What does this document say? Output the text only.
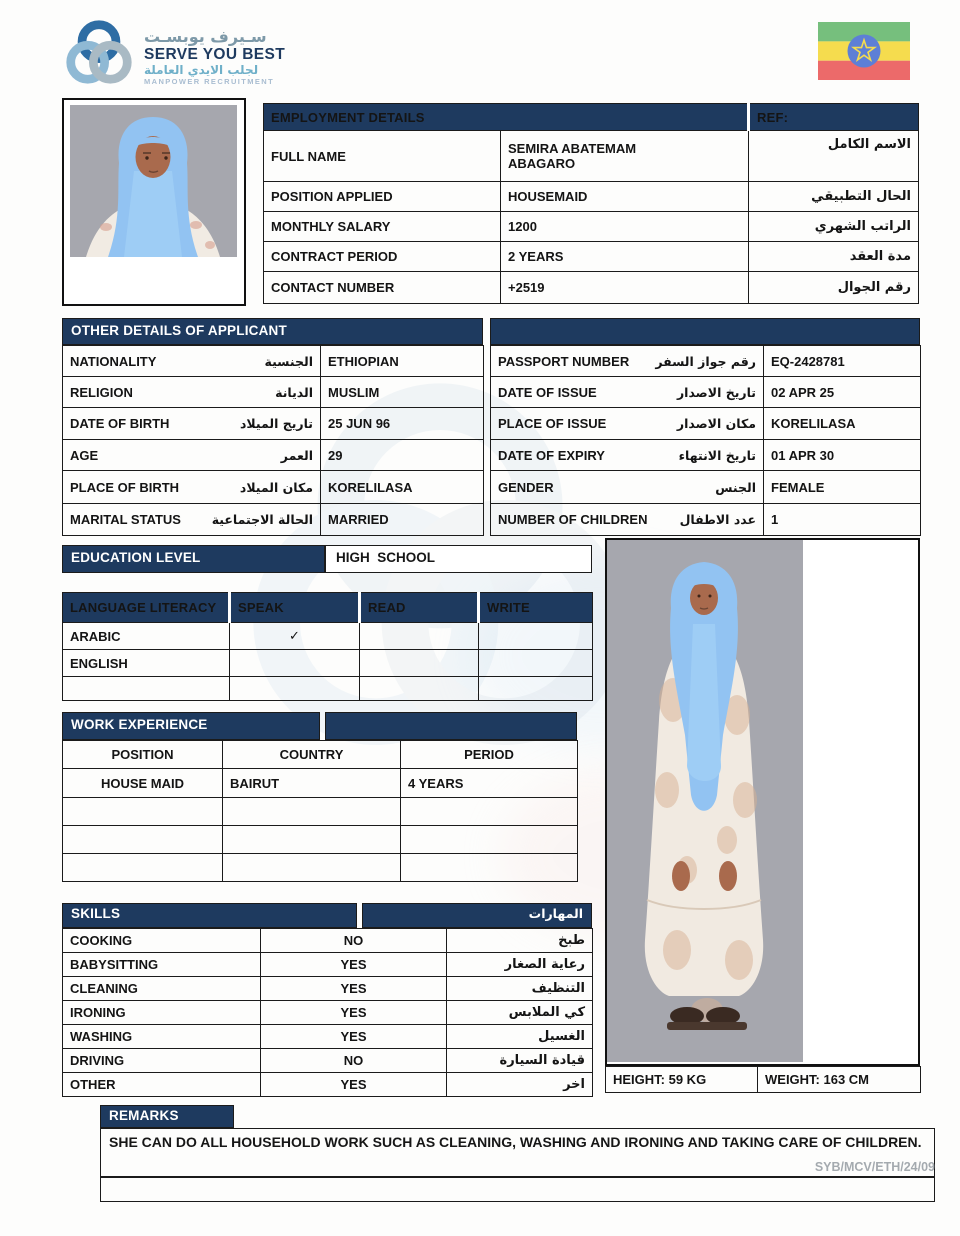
سـيرف يوبسـت
SERVE YOU BEST
لجلب الايدي العاملة
MANPOWER RECRUITMENT
EMPLOYMENT DETAILS		REF:
FULL NAME	SEMIRA ABATEMAM ABAGARO	الاسم الكامل
POSITION APPLIED	HOUSEMAID	الحال التطبيقي
MONTHLY SALARY	1200	الراتب الشهري
CONTRACT PERIOD	2 YEARS	مدة العقد
CONTACT NUMBER	+2519	رقم الجوال
OTHER DETAILS OF APPLICANT
NATIONALITY الجنسية	ETHIOPIAN

RELIGION الديانة	MUSLIM

DATE OF BIRTH تاريج الميلاد	25 JUN 96

AGE العمر	29

PLACE OF BIRTH مكان الميلاد	KORELILASA

MARITAL STATUS الحالة الاجتماعية	MARRIED
PASSPORT NUMBER رقم جواز السفر	EQ-2428781

DATE OF ISSUE تاريخ الاصدار	02 APR 25

PLACE OF ISSUE مكان الاصدار	KORELILASA

DATE OF EXPIRY تاريخ الانتهاء	01 APR 30

GENDER الجنس	FEMALE

NUMBER OF CHILDREN عدد الاطفال	1
EDUCATION LEVEL	HIGH  SCHOOL
LANGUAGE LITERACY	SPEAK	READ	WRITE
ARABIC	✓		
ENGLISH			

WORK EXPERIENCE
POSITION	COUNTRY	PERIOD
HOUSE MAID	BAIRUT	4 YEARS

HEIGHT: 59 KG	WEIGHT: 163 CM
SKILLS	المهارات
COOKING	NO	طبخ
BABYSITTING	YES	رعاية الصغار
CLEANING	YES	التنظيف
IRONING	YES	كي الملابس
WASHING	YES	الغسيل
DRIVING	NO	قيادة السيارة
OTHER	YES	اخر
REMARKS
SHE CAN DO ALL HOUSEHOLD WORK SUCH AS CLEANING, WASHING AND IRONING AND TAKING CARE OF CHILDREN.
SYB/MCV/ETH/24/09
